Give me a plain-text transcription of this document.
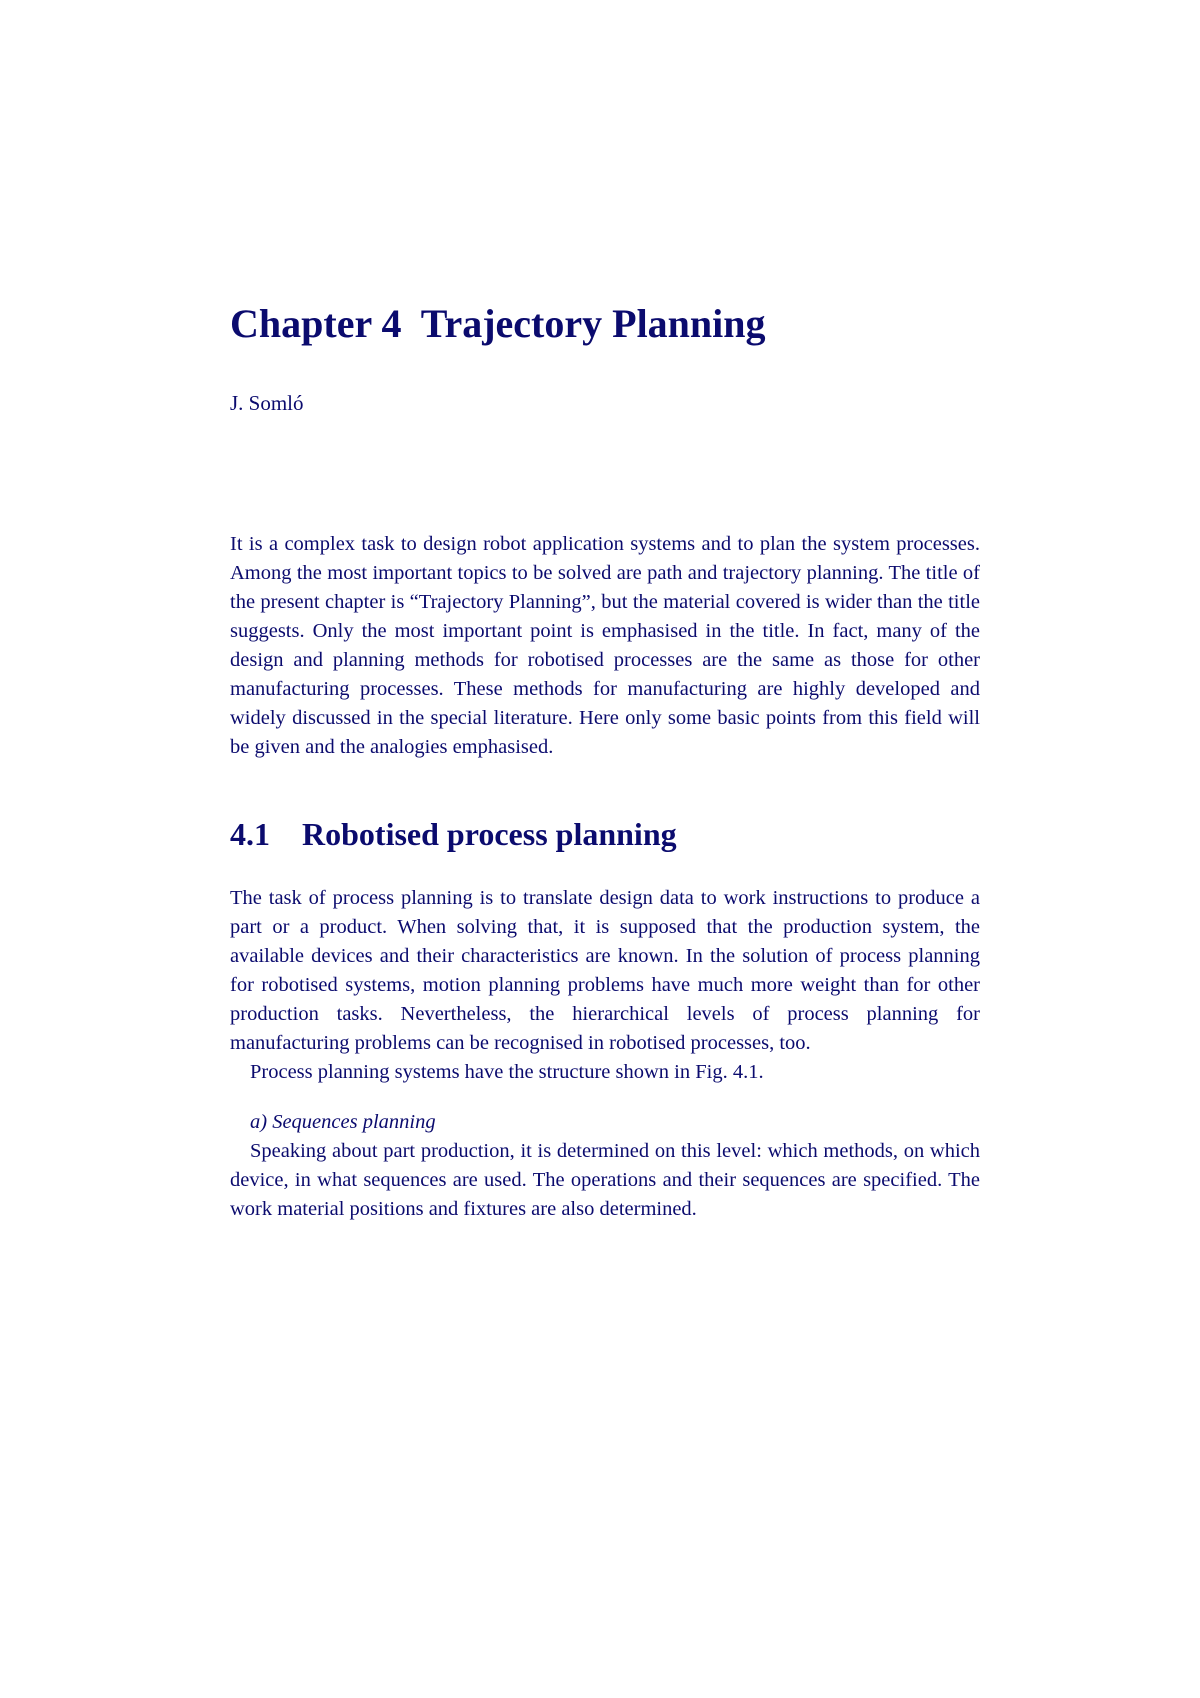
Chapter 4 Trajectory Planning
J. Somló

It is a complex task to design robot application systems and to plan the system processes. Among the most important topics to be solved are path and trajectory planning. The title of the present chapter is “Trajectory Planning”, but the material covered is wider than the title suggests. Only the most important point is emphasised in the title. In fact, many of the design and planning methods for robotised processes are the same as those for other manufacturing processes. These methods for manufacturing are highly developed and widely discussed in the special literature. Here only some basic points from this field will be given and the analogies emphasised.

4.1 Robotised process planning

The task of process planning is to translate design data to work instructions to produce a part or a product. When solving that, it is supposed that the production system, the available devices and their characteristics are known. In the solution of process planning for robotised systems, motion planning problems have much more weight than for other production tasks. Nevertheless, the hierarchical levels of process planning for manufacturing problems can be recognised in robotised processes, too.

Process planning systems have the structure shown in Fig. 4.1.

a) Sequences planning

Speaking about part production, it is determined on this level: which methods, on which device, in what sequences are used. The operations and their sequences are specified. The work material positions and fixtures are also determined.
